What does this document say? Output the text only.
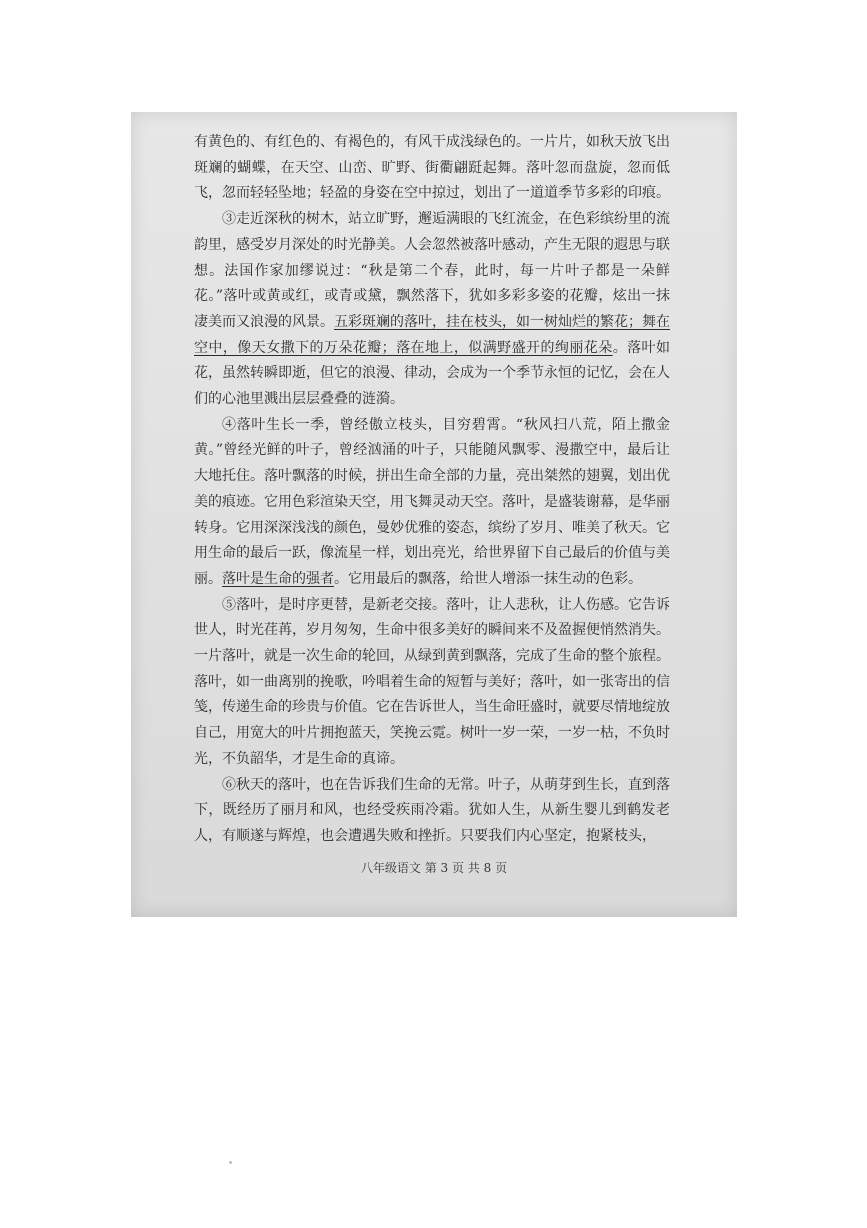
有黄色的、有红色的、有褐色的，有风干成浅绿色的。一片片，如秋天放飞出斑斓的蝴蝶，在天空、山峦、旷野、街衢翩跹起舞。落叶忽而盘旋，忽而低飞，忽而轻轻坠地；轻盈的身姿在空中掠过，划出了一道道季节多彩的印痕。

③走近深秋的树木，站立旷野，邂逅满眼的飞红流金，在色彩缤纷里的流韵里，感受岁月深处的时光静美。人会忽然被落叶感动，产生无限的遐思与联想。法国作家加缪说过：“秋是第二个春，此时，每一片叶子都是一朵鲜花。”落叶或黄或红，或青或黛，飘然落下，犹如多彩多姿的花瓣，炫出一抹凄美而又浪漫的风景。五彩斑斓的落叶，挂在枝头，如一树灿烂的繁花；舞在空中，像天女撒下的万朵花瓣；落在地上，似满野盛开的绚丽花朵。落叶如花，虽然转瞬即逝，但它的浪漫、律动，会成为一个季节永恒的记忆，会在人们的心池里溅出层层叠叠的涟漪。

④落叶生长一季，曾经傲立枝头，目穷碧霄。“秋风扫八荒，陌上撒金黄。”曾经光鲜的叶子，曾经汹涌的叶子，只能随风飘零、漫撒空中，最后让大地托住。落叶飘落的时候，拼出生命全部的力量，亮出桀然的翅翼，划出优美的痕迹。它用色彩渲染天空，用飞舞灵动天空。落叶，是盛装谢幕，是华丽转身。它用深深浅浅的颜色，曼妙优雅的姿态，缤纷了岁月、唯美了秋天。它用生命的最后一跃，像流星一样，划出亮光，给世界留下自己最后的价值与美丽。落叶是生命的强者。它用最后的飘落，给世人增添一抹生动的色彩。

⑤落叶，是时序更替，是新老交接。落叶，让人悲秋，让人伤感。它告诉世人，时光荏苒，岁月匆匆，生命中很多美好的瞬间来不及盈握便悄然消失。一片落叶，就是一次生命的轮回，从绿到黄到飘落，完成了生命的整个旅程。落叶，如一曲离别的挽歌，吟唱着生命的短暂与美好；落叶，如一张寄出的信笺，传递生命的珍贵与价值。它在告诉世人，当生命旺盛时，就要尽情地绽放自己，用宽大的叶片拥抱蓝天，笑挽云霓。树叶一岁一荣，一岁一枯，不负时光，不负韶华，才是生命的真谛。

⑥秋天的落叶，也在告诉我们生命的无常。叶子，从萌芽到生长，直到落下，既经历了丽月和风，也经受疾雨冷霜。犹如人生，从新生婴儿到鹤发老人，有顺遂与辉煌，也会遭遇失败和挫折。只要我们内心坚定，抱紧枝头，

八年级语文 第 3 页 共 8 页
